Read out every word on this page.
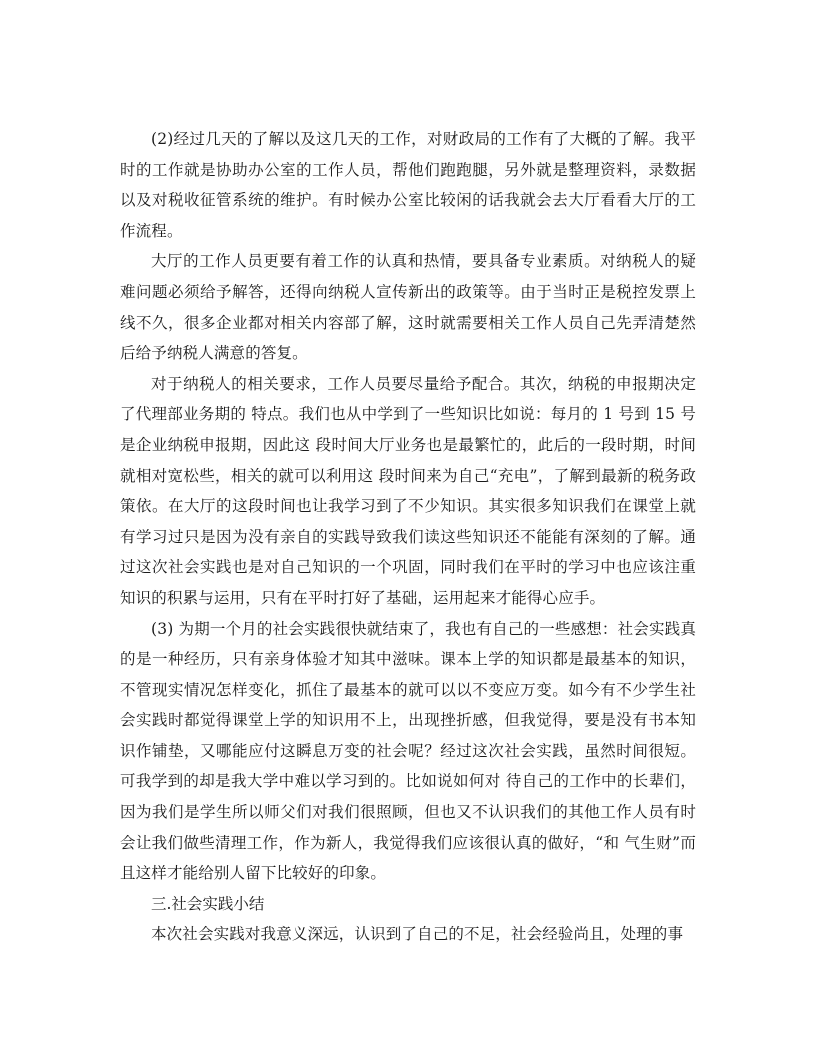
(2)经过几天的了解以及这几天的工作，对财政局的工作有了大概的了解。我平时的工作就是协助办公室的工作人员，帮他们跑跑腿，另外就是整理资料，录数据以及对税收征管系统的维护。有时候办公室比较闲的话我就会去大厅看看大厅的工作流程。

大厅的工作人员更要有着工作的认真和热情，要具备专业素质。对纳税人的疑难问题必须给予解答，还得向纳税人宣传新出的政策等。由于当时正是税控发票上线不久，很多企业都对相关内容部了解，这时就需要相关工作人员自己先弄清楚然后给予纳税人满意的答复。

对于纳税人的相关要求，工作人员要尽量给予配合。其次，纳税的申报期决定了代理部业务期的 特点。我们也从中学到了一些知识比如说：每月的 1 号到 15 号是企业纳税申报期，因此这 段时间大厅业务也是最繁忙的，此后的一段时期，时间就相对宽松些，相关的就可以利用这 段时间来为自己“充电”，了解到最新的税务政策依。在大厅的这段时间也让我学习到了不少知识。其实很多知识我们在课堂上就有学习过只是因为没有亲自的实践导致我们读这些知识还不能能有深刻的了解。通过这次社会实践也是对自己知识的一个巩固，同时我们在平时的学习中也应该注重知识的积累与运用，只有在平时打好了基础，运用起来才能得心应手。

(3) 为期一个月的社会实践很快就结束了，我也有自己的一些感想：社会实践真的是一种经历，只有亲身体验才知其中滋味。课本上学的知识都是最基本的知识，不管现实情况怎样变化，抓住了最基本的就可以以不变应万变。如今有不少学生社会实践时都觉得课堂上学的知识用不上，出现挫折感，但我觉得，要是没有书本知识作铺垫，又哪能应付这瞬息万变的社会呢？经过这次社会实践，虽然时间很短。可我学到的却是我大学中难以学习到的。比如说如何对 待自己的工作中的长辈们，因为我们是学生所以师父们对我们很照顾，但也又不认识我们的其他工作人员有时会让我们做些清理工作，作为新人，我觉得我们应该很认真的做好，“和 气生财”而且这样才能给别人留下比较好的印象。

三.社会实践小结

本次社会实践对我意义深远，认识到了自己的不足，社会经验尚且，处理的事
